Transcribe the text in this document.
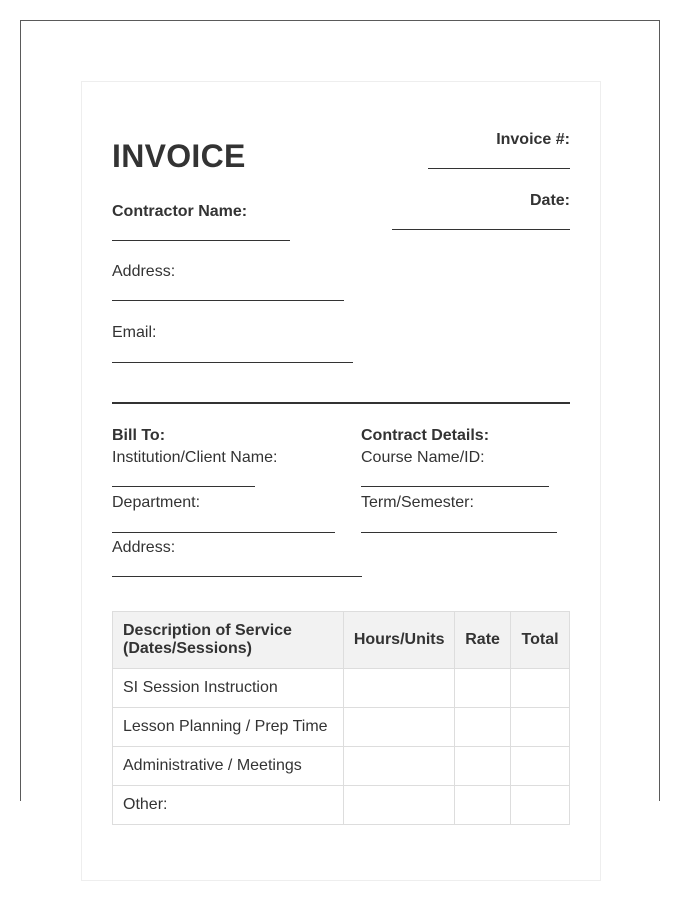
INVOICE	Invoice #:
Date:
Contractor Name:
Address:
Email:
Bill To:
Institution/Client Name:
Department:
Address:
Contract Details:
Course Name/ID:
Term/Semester:
Description of Service (Dates/Sessions)	Hours/Units	Rate	Total
SI Session Instruction			
Lesson Planning / Prep Time			
Administrative / Meetings			
Other:			
